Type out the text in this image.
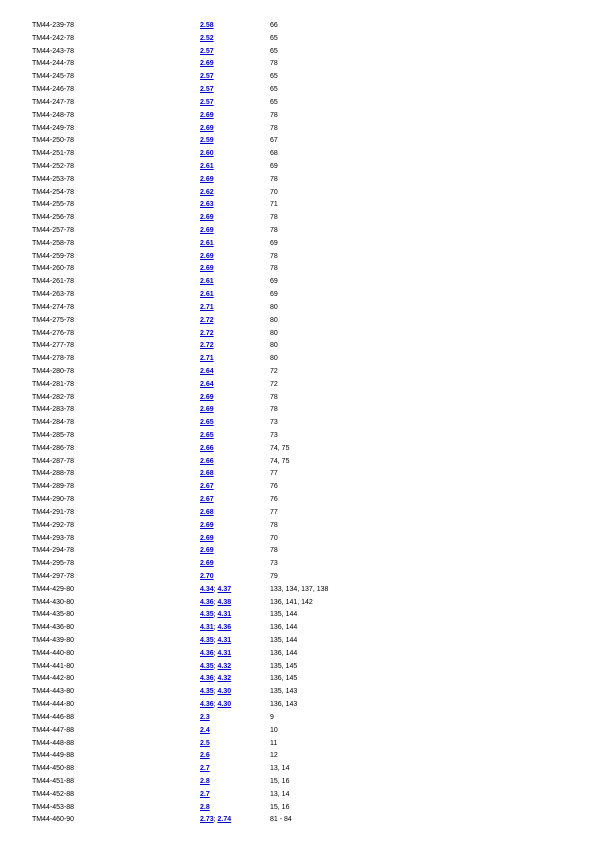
TM44-239-78	2.58	66
TM44-242-78	2.52	65
TM44-243-78	2.57	65
TM44-244-78	2.69	78
TM44-245-78	2.57	65
TM44-246-78	2.57	65
TM44-247-78	2.57	65
TM44-248-78	2.69	78
TM44-249-78	2.69	78
TM44-250-78	2.59	67
TM44-251-78	2.60	68
TM44-252-78	2.61	69
TM44-253-78	2.69	78
TM44-254-78	2.62	70
TM44-255-78	2.63	71
TM44-256-78	2.69	78
TM44-257-78	2.69	78
TM44-258-78	2.61	69
TM44-259-78	2.69	78
TM44-260-78	2.69	78
TM44-261-78	2.61	69
TM44-263-78	2.61	69
TM44-274-78	2.71	80
TM44-275-78	2.72	80
TM44-276-78	2.72	80
TM44-277-78	2.72	80
TM44-278-78	2.71	80
TM44-280-78	2.64	72
TM44-281-78	2.64	72
TM44-282-78	2.69	78
TM44-283-78	2.69	78
TM44-284-78	2.65	73
TM44-285-78	2.65	73
TM44-286-78	2.66	74, 75
TM44-287-78	2.66	74, 75
TM44-288-78	2.68	77
TM44-289-78	2.67	76
TM44-290-78	2.67	76
TM44-291-78	2.68	77
TM44-292-78	2.69	78
TM44-293-78	2.69	70
TM44-294-78	2.69	78
TM44-295-78	2.69	73
TM44-297-78	2.70	79
TM44-429-80	4.34; 4.37	133, 134, 137, 138
TM44-430-80	4.36; 4.38	136, 141, 142
TM44-435-80	4.35; 4.31	135, 144
TM44-436-80	4.31; 4.36	136, 144
TM44-439-80	4.35; 4.31	135, 144
TM44-440-80	4.36; 4.31	136, 144
TM44-441-80	4.35; 4.32	135, 145
TM44-442-80	4.36; 4.32	136, 145
TM44-443-80	4.35; 4.30	135, 143
TM44-444-80	4.36; 4.30	136, 143
TM44-446-88	2.3	9
TM44-447-88	2.4	10
TM44-448-88	2.5	11
TM44-449-88	2.6	12
TM44-450-88	2.7	13, 14
TM44-451-88	2.8	15, 16
TM44-452-88	2.7	13, 14
TM44-453-88	2.8	15, 16
TM44-460-90	2.73; 2.74	81 - 84
